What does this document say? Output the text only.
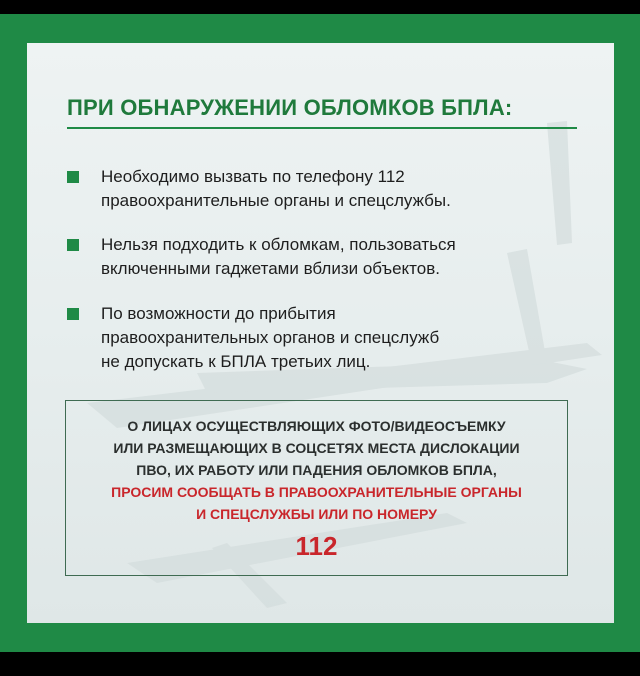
ПРИ ОБНАРУЖЕНИИ ОБЛОМКОВ БПЛА:
Необходимо вызвать по телефону 112
правоохранительные органы и спецслужбы.
Нельзя подходить к обломкам, пользоваться
включенными гаджетами вблизи объектов.
По возможности до прибытия
правоохранительных органов и спецслужб
не допускать к БПЛА третьих лиц.
О ЛИЦАХ ОСУЩЕСТВЛЯЮЩИХ ФОТО/ВИДЕОСЪЕМКУ
ИЛИ РАЗМЕЩАЮЩИХ В СОЦСЕТЯХ МЕСТА ДИСЛОКАЦИИ
ПВО, ИХ РАБОТУ ИЛИ ПАДЕНИЯ ОБЛОМКОВ БПЛА,
ПРОСИМ СООБЩАТЬ В ПРАВООХРАНИТЕЛЬНЫЕ ОРГАНЫ
И СПЕЦСЛУЖБЫ ИЛИ ПО НОМЕРУ
112
